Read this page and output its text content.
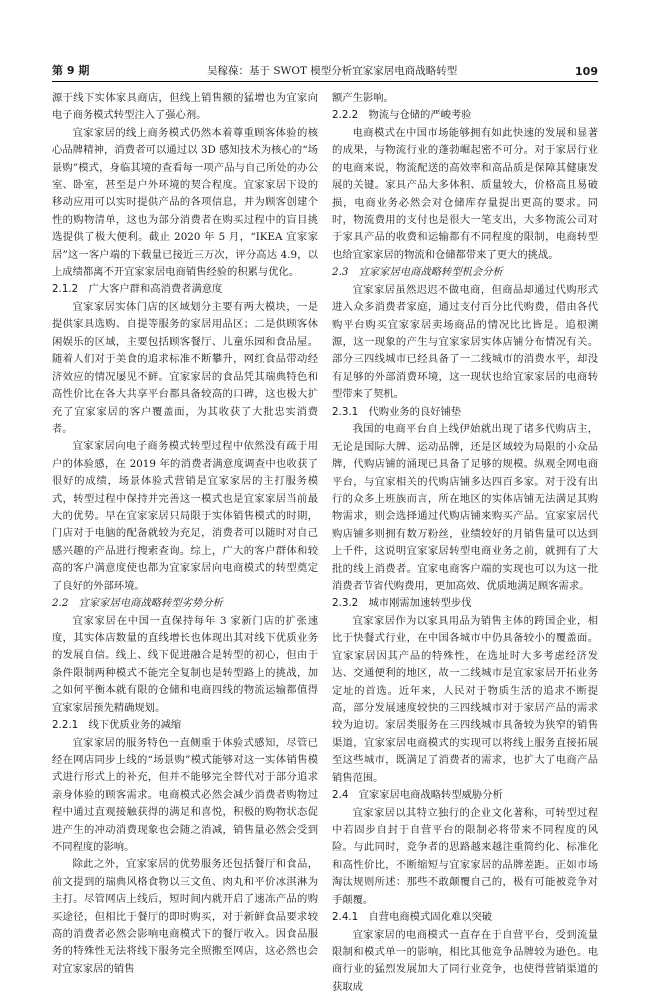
第 9 期	吴稼葆：基于 SWOT 模型分析宜家家居电商战略转型	109

源于线下实体家具商店，但线上销售额的猛增也为宜家向电子商务模式转型注入了强心剂。

宜家家居的线上商务模式仍然本着尊重顾客体验的核心品牌精神，消费者可以通过以 3D 感知技术为核心的“场景购”模式，身临其境的查看每一项产品与自己所处的办公室、卧室，甚至是户外环境的契合程度。宜家家居下设的移动应用可以实时提供产品的各项信息，并为顾客创建个性的购物清单，这也为部分消费者在购买过程中的盲目挑选提供了极大便利。截止 2020 年 5 月，“IKEA 宜家家居”这一客户端的下载量已接近三万次，评分高达 4.9，以上成绩都离不开宜家家居电商销售经验的积累与优化。

2.1.2　广大客户群和高消费者满意度

宜家家居实体门店的区域划分主要有两大模块，一是提供家具选购、自提等服务的家居用品区；二是供顾客休闲娱乐的区域，主要包括顾客餐厅、儿童乐园和食品屋。随着人们对于美食的追求标准不断攀升，网红食品带动经济效应的情况屡见不鲜。宜家家居的食品凭其瑞典特色和高性价比在各大共享平台都具备较高的口碑，这也极大扩充了宜家家居的客户覆盖面，为其收获了大批忠实消费者。

宜家家居向电子商务模式转型过程中依然没有疏于用户的体验感，在 2019 年的消费者满意度调查中也收获了很好的成绩，场景体验式营销是宜家家居的主打服务模式，转型过程中保持并完善这一模式也是宜家家居当前最大的优势。早在宜家家居只局限于实体销售模式的时期，门店对于电脑的配备就较为充足，消费者可以随时对自己感兴趣的产品进行搜索查询。综上，广大的客户群体和较高的客户满意度使也都为宜家家居向电商模式的转型奠定了良好的外部环境。

2.2　宜家家居电商战略转型劣势分析

宜家家居在中国一直保持每年 3 家新门店的扩张速度，其实体店数量的直线增长也体现出其对线下优质业务的发展自信。线上、线下促进融合是转型的初心，但由于条件限制两种模式不能完全复制也是转型路上的挑战，加之如何平衡本就有限的仓储和电商四线的物流运输都值得宜家家居预先精确规划。

2.2.1　线下优质业务的减缩

宜家家居的服务特色一直侧重于体验式感知，尽管已经在网店同步上线的“场景购”模式能够对这一实体销售模式进行形式上的补充，但并不能够完全替代对于部分追求亲身体验的顾客需求。电商模式必然会减少消费者购物过程中通过直观接触获得的满足和喜悦，积极的购物状态促进产生的冲动消费现象也会随之消减，销售量必然会受到不同程度的影响。

除此之外，宜家家居的优势服务还包括餐厅和食品，前文提到的瑞典风格食物以三文鱼、肉丸和平价冰淇淋为主打。尽管网店上线后，短时间内就开启了速冻产品的购买途径，但相比于餐厅的即时购买，对于新鲜食品要求较高的消费者必然会影响电商模式下的餐厅收入。因食品服务的特殊性无法将线下服务完全照搬至网店，这必然也会对宜家家居的销售

额产生影响。

2.2.2　物流与仓储的严峻考验

电商模式在中国市场能够拥有如此快速的发展和显著的成果，与物流行业的蓬勃崛起密不可分。对于家居行业的电商来说，物流配送的高效率和高品质是保障其健康发展的关键。家具产品大多体积、质量较大，价格高且易破损，电商业务必然会对仓储库存量提出更高的要求。同时，物流费用的支付也是很大一笔支出，大多物流公司对于家具产品的收费和运输都有不同程度的限制，电商转型也给宜家家居的物流和仓储都带来了更大的挑战。

2.3　宜家家居电商战略转型机会分析

宜家家居虽然迟迟不做电商，但商品却通过代购形式进入众多消费者家庭，通过支付百分比代购费，借由各代购平台购买宜家家居卖场商品的情况比比皆是。追根溯源，这一现象的产生与宜家家居实体店铺分布情况有关。部分三四线城市已经具备了一二线城市的消费水平，却没有足够的外部消费环境，这一现状也给宜家家居的电商转型带来了契机。

2.3.1　代购业务的良好铺垫

我国的电商平台自上线伊始就出现了诸多代购店主，无论是国际大牌、运动品牌，还是区域较为局限的小众品牌，代购店铺的涌现已具备了足够的规模。纵观全网电商平台，与宜家相关的代购店铺多达四百多家。对于没有出行的众多上班族而言，所在地区的实体店铺无法满足其购物需求，则会选择通过代购店铺来购买产品。宜家家居代购店铺多则拥有数万粉丝，业绩较好的月销售量可以达到上千件，这说明宜家家居转型电商业务之前，就拥有了大批的线上消费者。宜家电商客户端的实现也可以为这一批消费者节省代购费用，更加高效、优质地满足顾客需求。

2.3.2　城市刚需加速转型步伐

宜家家居作为以家具用品为销售主体的跨国企业，相比于快餐式行业，在中国各城市中仍具备较小的覆盖面。宜家家居因其产品的特殊性，在选址时大多考虑经济发达、交通便利的地区，故一二线城市是宜家家居开拓业务定址的首选。近年来，人民对于物质生活的追求不断提高，部分发展速度较快的三四线城市对于家居产品的需求较为迫切。家居类服务在三四线城市具备较为狭窄的销售渠道，宜家家居电商模式的实现可以将线上服务直接拓展至这些城市，既满足了消费者的需求，也扩大了电商产品销售范围。

2.4　宜家家居电商战略转型威胁分析

宜家家居以其特立独行的企业文化著称，可转型过程中若固步自封于自营平台的限制必将带来不同程度的风险。与此同时，竞争者的思路越来越注重简约化、标准化和高性价比，不断缩短与宜家家居的品牌差距。正如市场淘汰规则所述：那些不敢颠覆自己的，极有可能被竞争对手颠覆。

2.4.1　自营电商模式固化难以突破

宜家家居的电商模式一直存在于自营平台，受到流量限制和模式单一的影响，相比其他竞争品牌较为逊色。电商行业的猛烈发展加大了同行业竞争，也使得营销渠道的获取成
